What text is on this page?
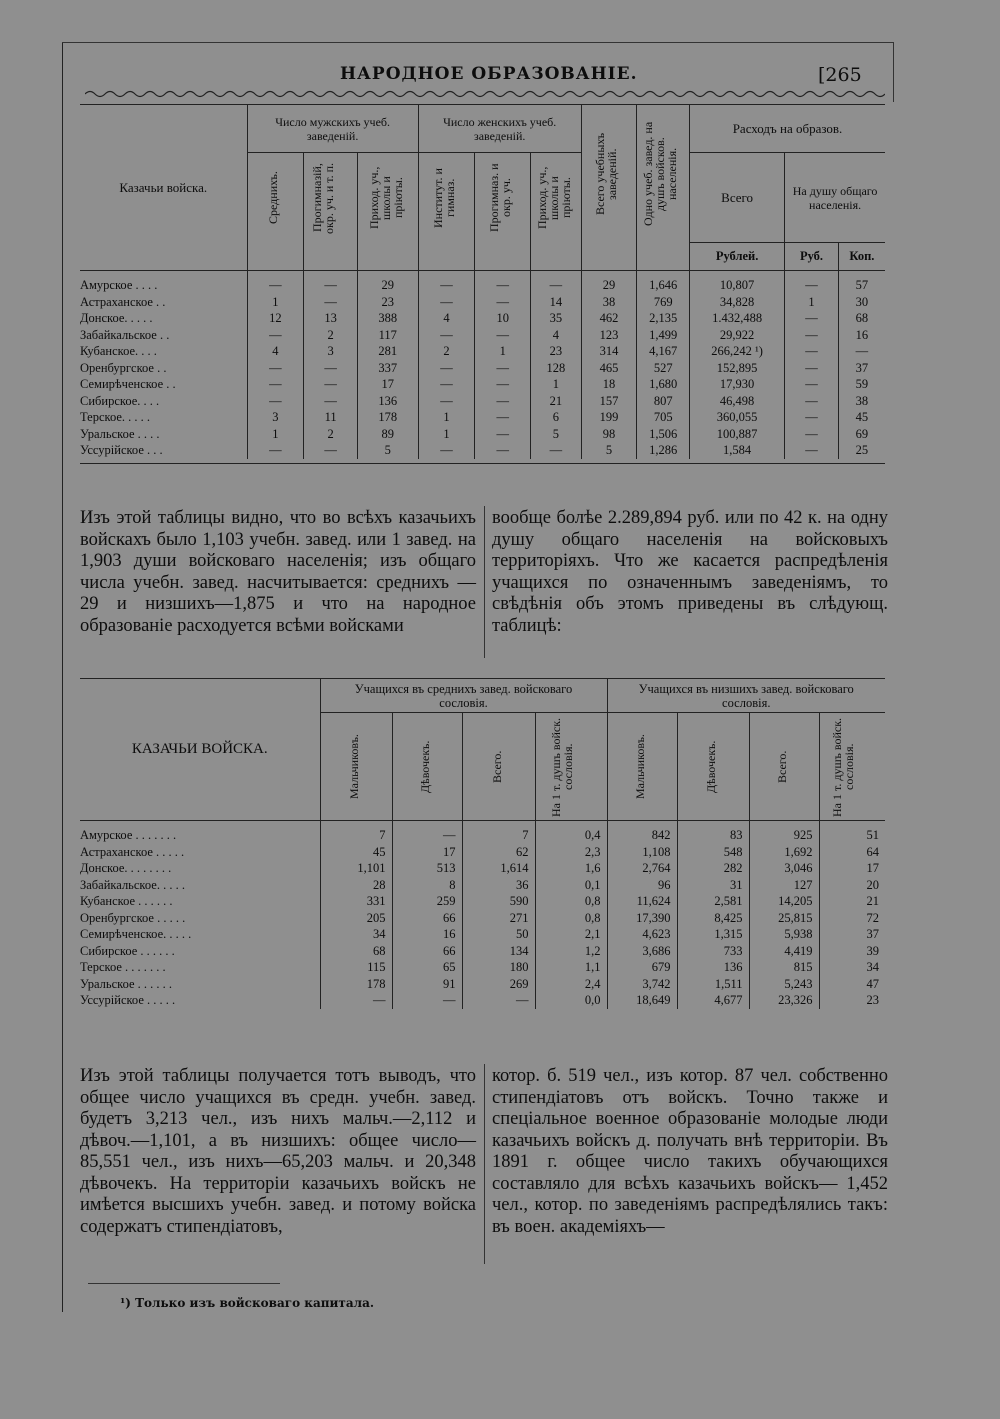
НАРОДНОЕ ОБРАЗОВАНІЕ.	[265
Казачьи войска.	Число мужскихъ учеб. заведеній.			Число женскихъ учеб. заведеній.			Всего учебныхъ заведеній.	Одно учеб. завед. на душъ войсков. населенія.	Расходъ на образов.		

	Среднихъ.	Прогимназій, окр. уч. и т. п.	Приход. уч., школы и пріюты.	Институт. и гимназ.	Прогимназ. и окр. уч.	Приход. уч., школы и пріюты.			Всего	На душу общаго населенія.	
									Рублей.	Руб.	Коп.
Амурское . . . .	—	—	29	—	—	—	29	1,646	10,807	—	57
Астраханское . .	1	—	23	—	—	14	38	769	34,828	1	30
Донское. . . . .	12	13	388	4	10	35	462	2,135	1.432,488	—	68
Забайкальское . .	—	2	117	—	—	4	123	1,499	29,922	—	16
Кубанское. . . .	4	3	281	2	1	23	314	4,167	266,242 ¹)	—	—
Оренбургское . .	—	—	337	—	—	128	465	527	152,895	—	37
Семирѣченское . .	—	—	17	—	—	1	18	1,680	17,930	—	59
Сибирское. . . .	—	—	136	—	—	21	157	807	46,498	—	38
Терское. . . . .	3	11	178	1	—	6	199	705	360,055	—	45
Уральское . . . .	1	2	89	1	—	5	98	1,506	100,887	—	69
Уссурійское . . .	—	—	5	—	—	—	5	1,286	1,584	—	25

Изъ этой таблицы видно, что во всѣхъ казачьихъ войскахъ было 1,103 учебн. завед. или 1 завед. на 1,903 души войсковаго населенія; изъ общаго числа учебн. завед. насчитывается: среднихъ — 29 и низшихъ—1,875 и что на народное образованіе расходуется всѣми войсками
вообще болѣе 2.289,894 руб. или по 42 к. на одну душу общаго населенія на войсковыхъ территоріяхъ. Что же касается распредѣленія учащихся по означеннымъ заведеніямъ, то свѣдѣнія объ этомъ приведены въ слѣдующ. таблицѣ:
КАЗАЧЬИ ВОЙСКА.	Учащихся въ среднихъ завед. войсковаго сословія.				Учащихся въ низшихъ завед. войсковаго сословія.			

	Мальчиковъ.	Дѣвочекъ.	Всего.	На 1 т. душъ войск. сословія.	Мальчиковъ.	Дѣвочекъ.	Всего.	На 1 т. душъ войск. сословія.

Амурское . . . . . . .	7	—	7	0,4	842	83	925	51
Астраханское . . . . .	45	17	62	2,3	1,108	548	1,692	64
Донское. . . . . . . .	1,101	513	1,614	1,6	2,764	282	3,046	17
Забайкальское. . . . .	28	8	36	0,1	96	31	127	20
Кубанское . . . . . .	331	259	590	0,8	11,624	2,581	14,205	21
Оренбургское . . . . .	205	66	271	0,8	17,390	8,425	25,815	72
Семирѣченское. . . . .	34	16	50	2,1	4,623	1,315	5,938	37
Сибирское . . . . . .	68	66	134	1,2	3,686	733	4,419	39
Терское . . . . . . .	115	65	180	1,1	679	136	815	34
Уральское . . . . . .	178	91	269	2,4	3,742	1,511	5,243	47
Уссурійское . . . . .	—	—	—	0,0	18,649	4,677	23,326	23
Изъ этой таблицы получается тотъ выводъ, что общее число учащихся въ средн. учебн. завед. будетъ 3,213 чел., изъ нихъ мальч.—2,112 и дѣвоч.—1,101, а въ низшихъ: общее число—85,551 чел., изъ нихъ—65,203 мальч. и 20,348 дѣвочекъ. На территоріи казачьихъ войскъ не имѣется высшихъ учебн. завед. и потому войска содержатъ стипендіатовъ,
котор. б. 519 чел., изъ котор. 87 чел. собственно стипендіатовъ отъ войскъ. Точно также и спеціальное военное образованіе молодые люди казачьихъ войскъ д. получать внѣ территоріи. Въ 1891 г. общее число такихъ обучающихся составляло для всѣхъ казачьихъ войскъ— 1,452 чел., котор. по заведеніямъ распредѣлялись такъ: въ воен. академіяхъ—
¹) Только изъ войсковаго капитала.
